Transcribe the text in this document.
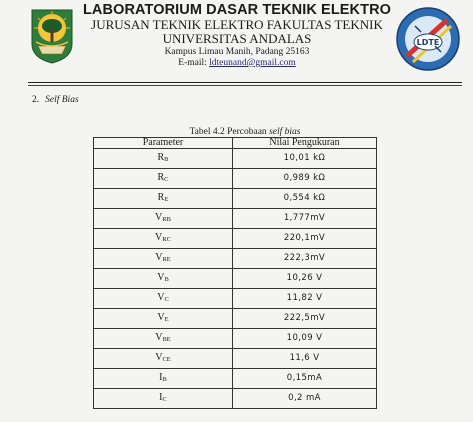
LABORATORIUM DASAR TEKNIK ELEKTRO
JURUSAN TEKNIK ELEKTRO FAKULTAS TEKNIK
UNIVERSITAS ANDALAS
Kampus Limau Manih, Padang 25163
E-mail: ldteunand@gmail.com
LDTE
2. Self Bias
Tabel 4.2 Percobaan self bias
Parameter	Nilai Pengukuran
$R_B$	10,01 kΩ
$R_C$	0,989 kΩ
$R_E$	0,554 kΩ
$V_{RB}$	1,777mV
$V_{RC}$	220,1mV
$V_{RE}$	222,3mV
$V_B$	10,26 V
$V_C$	11,82 V
$V_E$	222,5mV
$V_{BE}$	10,09 V
$V_{CE}$	11,6 V
$I_B$	0,15mA
$I_C$	0,2 mA
